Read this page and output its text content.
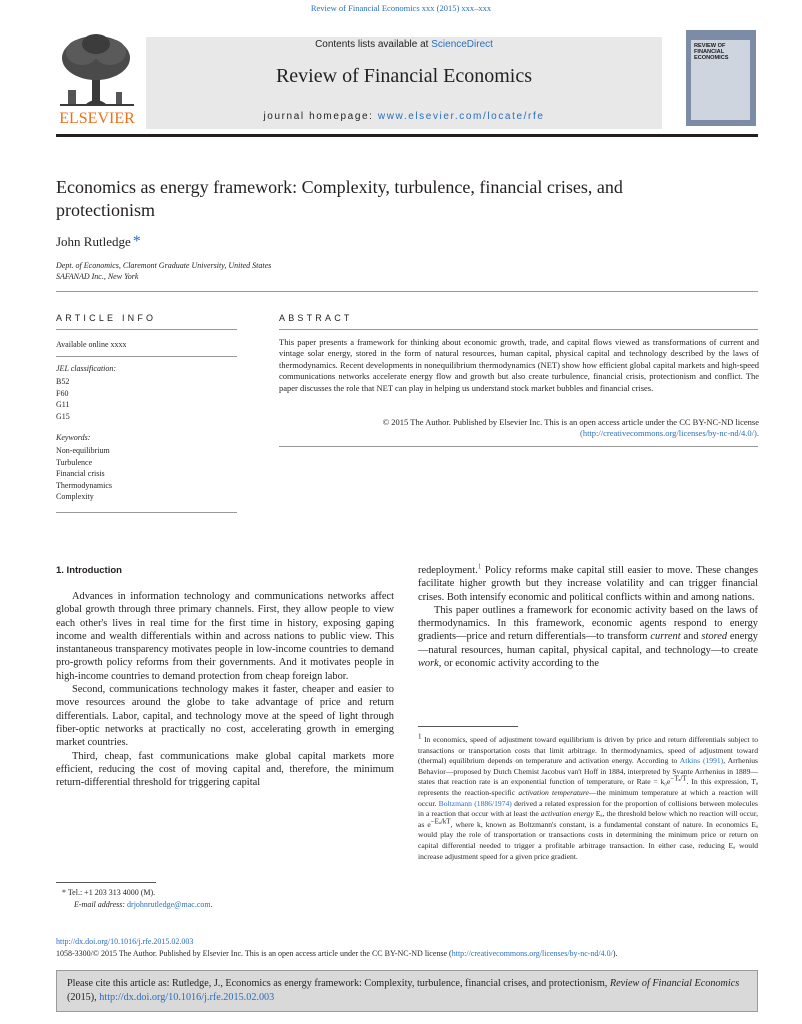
Review of Financial Economics xxx (2015) xxx–xxx
ELSEVIER
Contents lists available at ScienceDirect
Review of Financial Economics
journal homepage: www.elsevier.com/locate/rfe
REVIEW OF FINANCIAL ECONOMICS
Economics as energy framework: Complexity, turbulence, financial crises, and protectionism
John Rutledge *
Dept. of Economics, Claremont Graduate University, United States
SAFANAD Inc., New York
ARTICLE INFO
Available online xxxx
JEL classification:
B52
F60
G11
G15
Keywords:
Non-equilibrium
Turbulence
Financial crisis
Thermodynamics
Complexity
ABSTRACT
This paper presents a framework for thinking about economic growth, trade, and capital flows viewed as transformations of current and vintage solar energy, stored in the form of natural resources, human capital, physical capital and technology described by the laws of thermodynamics. Recent developments in nonequilibrium thermodynamics (NET) show how efficient global capital markets and high-speed communications networks accelerate energy flow and growth but also create turbulence, financial crisis, protectionism and conflict. The paper discusses the role that NET can play in helping us understand stock market bubbles and financial crises.
© 2015 The Author. Published by Elsevier Inc. This is an open access article under the CC BY-NC-ND license
(http://creativecommons.org/licenses/by-nc-nd/4.0/).
1. Introduction

Advances in information technology and communications networks affect global growth through three primary channels. First, they allow people to view each other's lives in real time for the first time in history, exposing gaping income and wealth differentials within and across nations to public view. This instantaneous transparency motivates people in low-income countries to demand pro-growth policy reforms from their governments. And it motivates people in high-income countries to demand protection from cheap foreign labor.

Second, communications technology makes it faster, cheaper and easier to move resources around the globe to take advantage of price and return differentials. Labor, capital, and technology move at the speed of light through fiber-optic networks at practically no cost, accelerating growth in emerging market countries.

Third, cheap, fast communications make global capital markets more efficient, reducing the cost of moving capital and, therefore, the minimum return-differential threshold for triggering capital

redeployment.$^1$ Policy reforms make capital still easier to move. These changes facilitate higher growth but they increase volatility and can trigger financial crises. Both intensify economic and political conflicts within and among nations.

This paper outlines a framework for economic activity based on the laws of thermodynamics. In this framework, economic agents respond to energy gradients—price and return differentials—to transform current and stored energy—natural resources, human capital, physical capital, and technology—to create work, or economic activity according to the

$^1$ In economics, speed of adjustment toward equilibrium is driven by price and return differentials subject to transactions or transportation costs that limit arbitrage. In thermodynamics, speed of adjustment toward (thermal) equilibrium depends on temperature and activation energy. According to Atkins (1991), Arrhenius Behavior—proposed by Dutch Chemist Jacobus van't Hoff in 1884, interpreted by Svante Arrhenius in 1889—states that reaction rate is an exponential function of temperature, or Rate = $k_0e^{-T_a/T}$. In this expression, Tₐ represents the reaction-specific activation temperature—the minimum temperature at which a reaction will occur. Boltzmann (1886/1974) derived a related expression for the proportion of collisions between molecules in a reaction that occur with at least the activation energy Eₐ, the threshold below which no reaction will occur, as $e^{-E_a/kT}$, where k, known as Boltzmann's constant, is a fundamental constant of nature. In economics Eₐ would play the role of transportation or transactions costs in determining the minimum price or return on capital differential needed to trigger a profitable arbitrage transaction. In either case, reducing Eₐ would increase adjustment speed for a given price gradient.
* Tel.: +1 203 313 4000 (M).
E-mail address: drjohnrutledge@mac.com.
http://dx.doi.org/10.1016/j.rfe.2015.02.003
1058-3300/© 2015 The Author. Published by Elsevier Inc. This is an open access article under the CC BY-NC-ND license (http://creativecommons.org/licenses/by-nc-nd/4.0/).
Please cite this article as: Rutledge, J., Economics as energy framework: Complexity, turbulence, financial crises, and protectionism, Review of Financial Economics (2015), http://dx.doi.org/10.1016/j.rfe.2015.02.003
